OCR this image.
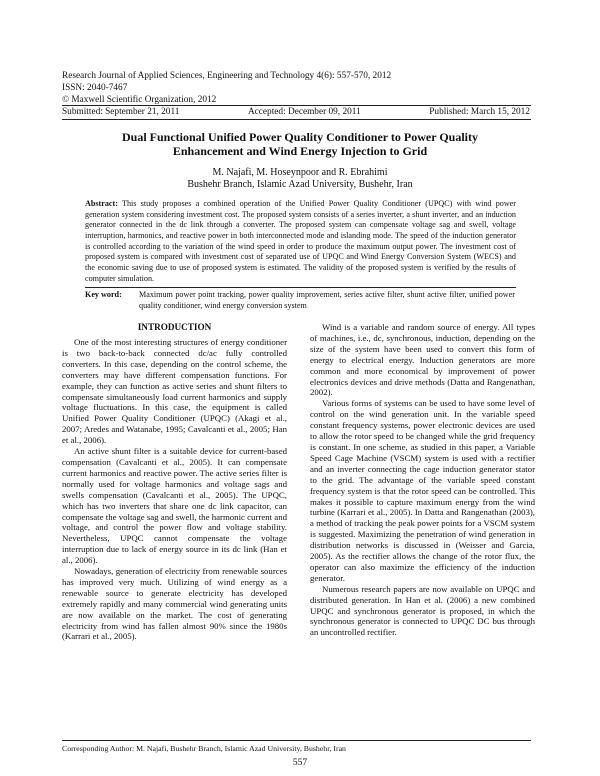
Research Journal of Applied Sciences, Engineering and Technology 4(6): 557-570, 2012
ISSN: 2040-7467
© Maxwell Scientific Organization, 2012
Submitted: September 21, 2011	Accepted: December 09, 2011	Published: March 15, 2012
Dual Functional Unified Power Quality Conditioner to Power Quality
Enhancement and Wind Energy Injection to Grid
M. Najafi, M. Hoseynpoor and R. Ebrahimi
Bushehr Branch, Islamic Azad University, Bushehr, Iran
Abstract: This study proposes a combined operation of the Unified Power Quality Conditioner (UPQC) with wind power generation system considering investment cost. The proposed system consists of a series inverter, a shunt inverter, and an induction generator connected in the dc link through a converter. The proposed system can compensate voltage sag and swell, voltage interruption, harmonics, and reactive power in both interconnected mode and islanding mode. The speed of the induction generator is controlled according to the variation of the wind speed in order to produce the maximum output power. The investment cost of proposed system is compared with investment cost of separated use of UPQC and Wind Energy Conversion System (WECS) and the economic saving due to use of proposed system is estimated. The validity of the proposed system is verified by the results of computer simulation.
Key word: Maximum power point tracking, power quality improvement, series active filter, shunt active filter, unified power quality conditioner, wind energy conversion system
INTRODUCTION

One of the most interesting structures of energy conditioner is two back-to-back connected dc/ac fully controlled converters. In this case, depending on the control scheme, the converters may have different compensation functions. For example, they can function as active series and shunt filters to compensate simultaneously load current harmonics and supply voltage fluctuations. In this case, the equipment is called Unified Power Quality Conditioner (UPQC) (Akagi et al., 2007; Aredes and Watanabe, 1995; Cavalcanti et al., 2005; Han et al., 2006).

An active shunt filter is a suitable device for current-based compensation (Cavalcanti et al., 2005). It can compensate current harmonics and reactive power. The active series filter is normally used for voltage harmonics and voltage sags and swells compensation (Cavalcanti et al., 2005). The UPQC, which has two inverters that share one dc link capacitor, can compensate the voltage sag and swell, the harmonic current and voltage, and control the power flow and voltage stability. Nevertheless, UPQC cannot compensate the voltage interruption due to lack of energy source in its dc link (Han et al., 2006).

Nowadays, generation of electricity from renewable sources has improved very much. Utilizing of wind energy as a renewable source to generate electricity has developed extremely rapidly and many commercial wind generating units are now available on the market. The cost of generating electricity from wind has fallen almost 90% since the 1980s (Karrari et al., 2005).

Wind is a variable and random source of energy. All types of machines, i.e., dc, synchronous, induction, depending on the size of the system have been used to convert this form of energy to electrical energy. Induction generators are more common and more economical by improvement of power electronics devices and drive methods (Datta and Rangenathan, 2002).

Various forms of systems can be used to have some level of control on the wind generation unit. In the variable speed constant frequency systems, power electronic devices are used to allow the rotor speed to be changed while the grid frequency is constant. In one scheme, as studied in this paper, a Variable Speed Cage Machine (VSCM) system is used with a rectifier and an inverter connecting the cage induction generator stator to the grid. The advantage of the variable speed constant frequency system is that the rotor speed can be controlled. This makes it possible to capture maximum energy from the wind turbine (Karrari et al., 2005). In Datta and Rangenathan (2003), a method of tracking the peak power points for a VSCM system is suggested. Maximizing the penetration of wind generation in distribution networks is discussed in (Weisser and Garcia, 2005). As the rectifier allows the change of the rotor flux, the operator can also maximize the efficiency of the induction generator.

Numerous research papers are now available on UPQC and distributed generation. In Han et al. (2006) a new combined UPQC and synchronous generator is proposed, in which the synchronous generator is connected to UPQC DC bus through an uncontrolled rectifier.

Corresponding Author: M. Najafi, Bushehr Branch, Islamic Azad University, Bushehr, Iran
557
